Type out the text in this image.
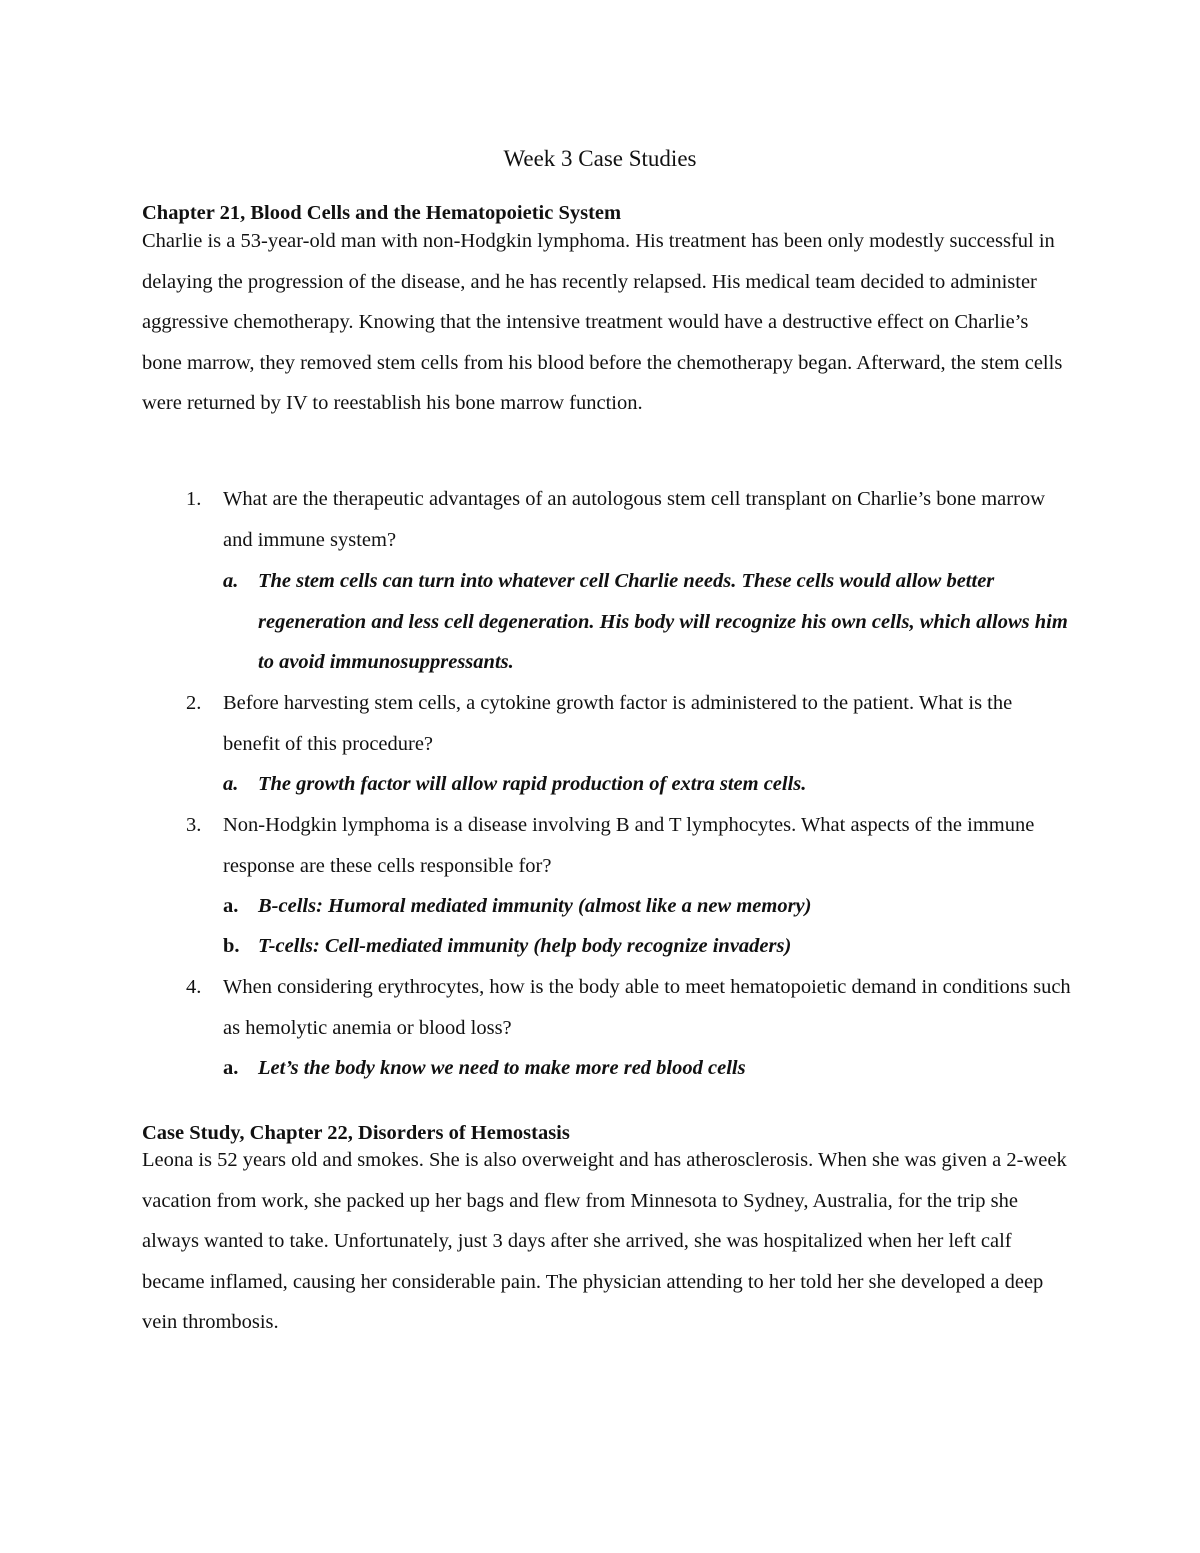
Week 3 Case Studies
Chapter 21, Blood Cells and the Hematopoietic System

Charlie is a 53-year-old man with non-Hodgkin lymphoma. His treatment has been only modestly successful in delaying the progression of the disease, and he has recently relapsed. His medical team decided to administer aggressive chemotherapy. Knowing that the intensive treatment would have a destructive effect on Charlie’s bone marrow, they removed stem cells from his blood before the chemotherapy began. Afterward, the stem cells were returned by IV to reestablish his bone marrow function.

1.	What are the therapeutic advantages of an autologous stem cell transplant on Charlie’s bone marrow and immune system?
a. The stem cells can turn into whatever cell Charlie needs. These cells would allow better regeneration and less cell degeneration. His body will recognize his own cells, which allows him to avoid immunosuppressants.
2.	Before harvesting stem cells, a cytokine growth factor is administered to the patient. What is the benefit of this procedure?
a. The growth factor will allow rapid production of extra stem cells.
3.	Non-Hodgkin lymphoma is a disease involving B and T lymphocytes. What aspects of the immune response are these cells responsible for?
a. B-cells: Humoral mediated immunity (almost like a new memory)
b. T-cells: Cell-mediated immunity (help body recognize invaders)
4.	When considering erythrocytes, how is the body able to meet hematopoietic demand in conditions such as hemolytic anemia or blood loss?
a. Let’s the body know we need to make more red blood cells
Case Study, Chapter 22, Disorders of Hemostasis

Leona is 52 years old and smokes. She is also overweight and has atherosclerosis. When she was given a 2-week vacation from work, she packed up her bags and flew from Minnesota to Sydney, Australia, for the trip she always wanted to take. Unfortunately, just 3 days after she arrived, she was hospitalized when her left calf became inflamed, causing her considerable pain. The physician attending to her told her she developed a deep vein thrombosis.
